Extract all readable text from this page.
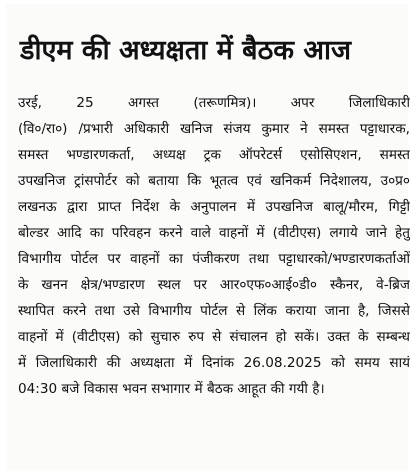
डीएम की अध्यक्षता में बैठक आज
उरई, 25 अगस्त (तरूणमित्र)। अपर जिलाधिकारी
(वि०/रा०) /प्रभारी अधिकारी खनिज संजय कुमार ने समस्त पट्टाधारक,
समस्त भण्डारणकर्ता, अध्यक्ष ट्रक ऑपरेटर्स एसोसिएशन, समस्त
उपखनिज ट्रांसपोर्टर को बताया कि भूतत्व एवं खनिकर्म निदेशालय, उ०प्र०
लखनऊ द्वारा प्राप्त निर्देश के अनुपालन में उपखनिज बालू/मौरम, गिट्टी
बोल्डर आदि का परिवहन करने वाले वाहनों में (वीटीएस) लगाये जाने हेतु
विभागीय पोर्टल पर वाहनों का पंजीकरण तथा पट्टाधारको/भण्डारणकर्ताओं
के खनन क्षेत्र/भण्डारण स्थल पर आर०एफ०आई०डी० स्कैनर, वे-ब्रिज
स्थापित करने तथा उसे विभागीय पोर्टल से लिंक कराया जाना है, जिससे
वाहनों में (वीटीएस) को सुचारु रुप से संचालन हो सकें। उक्त के सम्बन्ध
में जिलाधिकारी की अध्यक्षता में दिनांक 26.08.2025 को समय सायं
04:30 बजे विकास भवन सभागार में बैठक आहूत की गयी है।
